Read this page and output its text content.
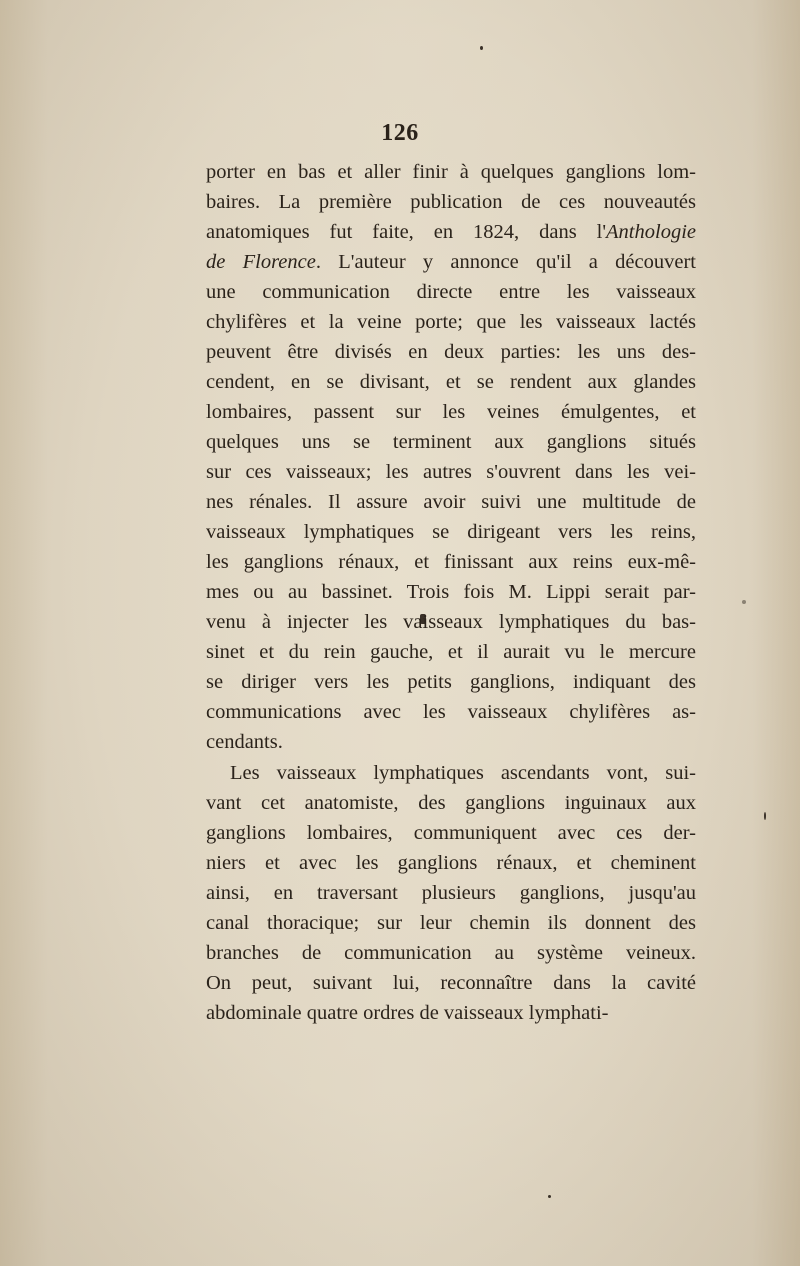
126
porter en bas et aller finir à quelques ganglions lom-
baires. La première publication de ces nouveautés
anatomiques fut faite, en 1824, dans l'Anthologie
de Florence. L'auteur y annonce qu'il a découvert
une communication directe entre les vaisseaux
chylifères et la veine porte; que les vaisseaux lactés
peuvent être divisés en deux parties: les uns des-
cendent, en se divisant, et se rendent aux glandes
lombaires, passent sur les veines émulgentes, et
quelques uns se terminent aux ganglions situés
sur ces vaisseaux; les autres s'ouvrent dans les vei-
nes rénales. Il assure avoir suivi une multitude de
vaisseaux lymphatiques se dirigeant vers les reins,
les ganglions rénaux, et finissant aux reins eux-mê-
mes ou au bassinet. Trois fois M. Lippi serait par-
venu à injecter les vaisseaux lymphatiques du bas-
sinet et du rein gauche, et il aurait vu le mercure
se diriger vers les petits ganglions, indiquant des
communications avec les vaisseaux chylifères as-
cendants.
Les vaisseaux lymphatiques ascendants vont, sui-
vant cet anatomiste, des ganglions inguinaux aux
ganglions lombaires, communiquent avec ces der-
niers et avec les ganglions rénaux, et cheminent
ainsi, en traversant plusieurs ganglions, jusqu'au
canal thoracique; sur leur chemin ils donnent des
branches de communication au système veineux.
On peut, suivant lui, reconnaître dans la cavité
abdominale quatre ordres de vaisseaux lymphati-
